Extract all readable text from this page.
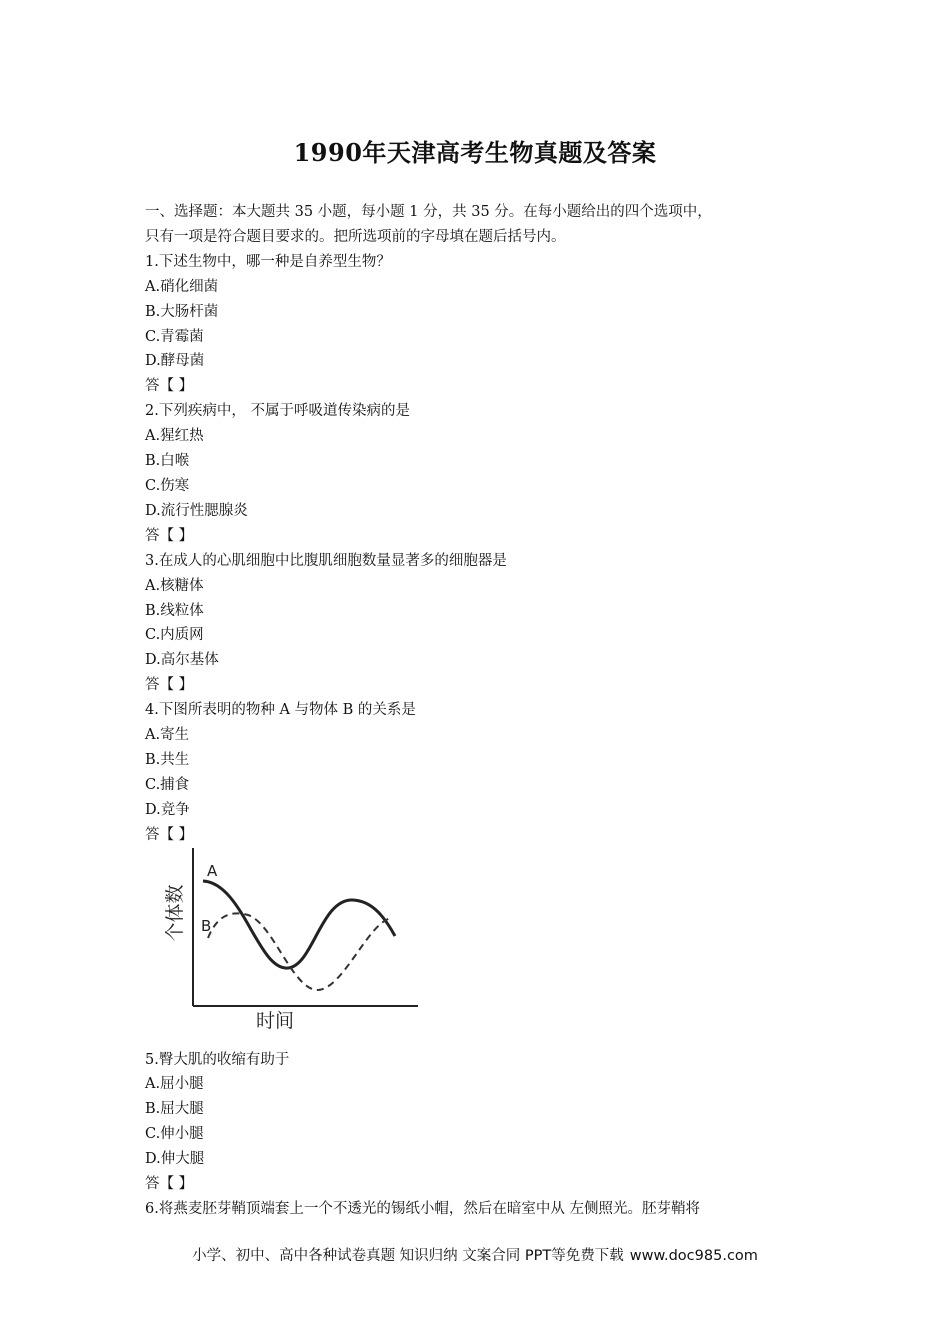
1990年天津高考生物真题及答案
一、选择题：本大题共 35 小题，每小题 1 分，共 35 分。在每小题给出的四个选项中，
只有一项是符合题目要求的。把所选项前的字母填在题后括号内。
1.下述生物中，哪一种是自养型生物？
A.硝化细菌
B.大肠杆菌
C.青霉菌
D.酵母菌
答【 】
2.下列疾病中， 不属于呼吸道传染病的是
A.猩红热
B.白喉
C.伤寒
D.流行性腮腺炎
答【 】
3.在成人的心肌细胞中比腹肌细胞数量显著多的细胞器是
A.核糖体
B.线粒体
C.内质网
D.高尔基体
答【 】
4.下图所表明的物种 A 与物体 B 的关系是
A.寄生
B.共生
C.捕食
D.竞争
答【 】
5.臀大肌的收缩有助于
A.屈小腿
B.屈大腿
C.伸小腿
D.伸大腿
答【 】
6.将燕麦胚芽鞘顶端套上一个不透光的锡纸小帽，然后在暗室中从 左侧照光。胚芽鞘将
A
B
个体数
时间
小学、初中、高中各种试卷真题 知识归纳 文案合同 PPT等免费下载 www.doc985.com
